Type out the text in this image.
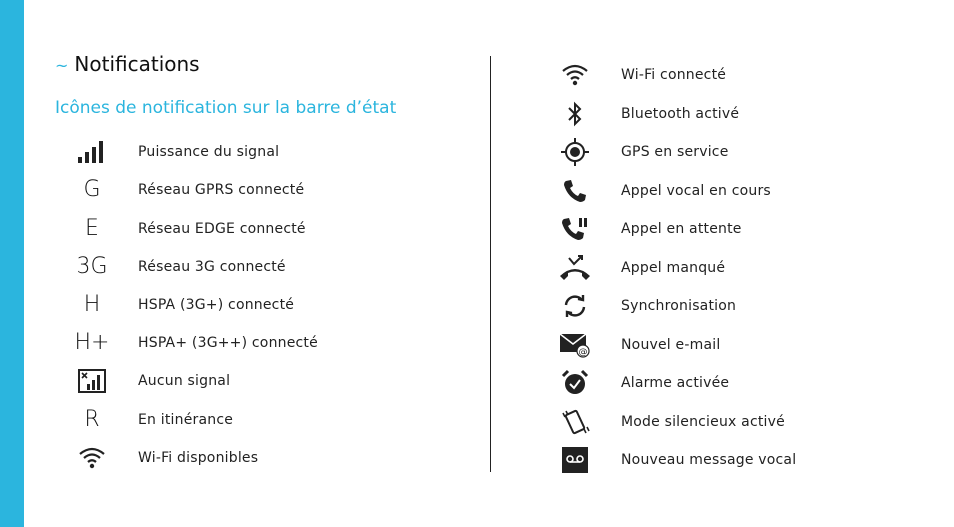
~ Notifications
Icônes de notification sur la barre d’état
Puissance du signal
G	Réseau GPRS connecté
E	Réseau EDGE connecté
3G	Réseau 3G connecté
H	HSPA (3G+) connecté
H+	HSPA+ (3G++) connecté
Aucun signal
R	En itinérance
Wi-Fi disponibles
Wi-Fi connecté
Bluetooth activé
GPS en service
Appel vocal en cours
Appel en attente
Appel manqué
Synchronisation
@ Nouvel e-mail
Alarme activée
Mode silencieux activé
Nouveau message vocal
